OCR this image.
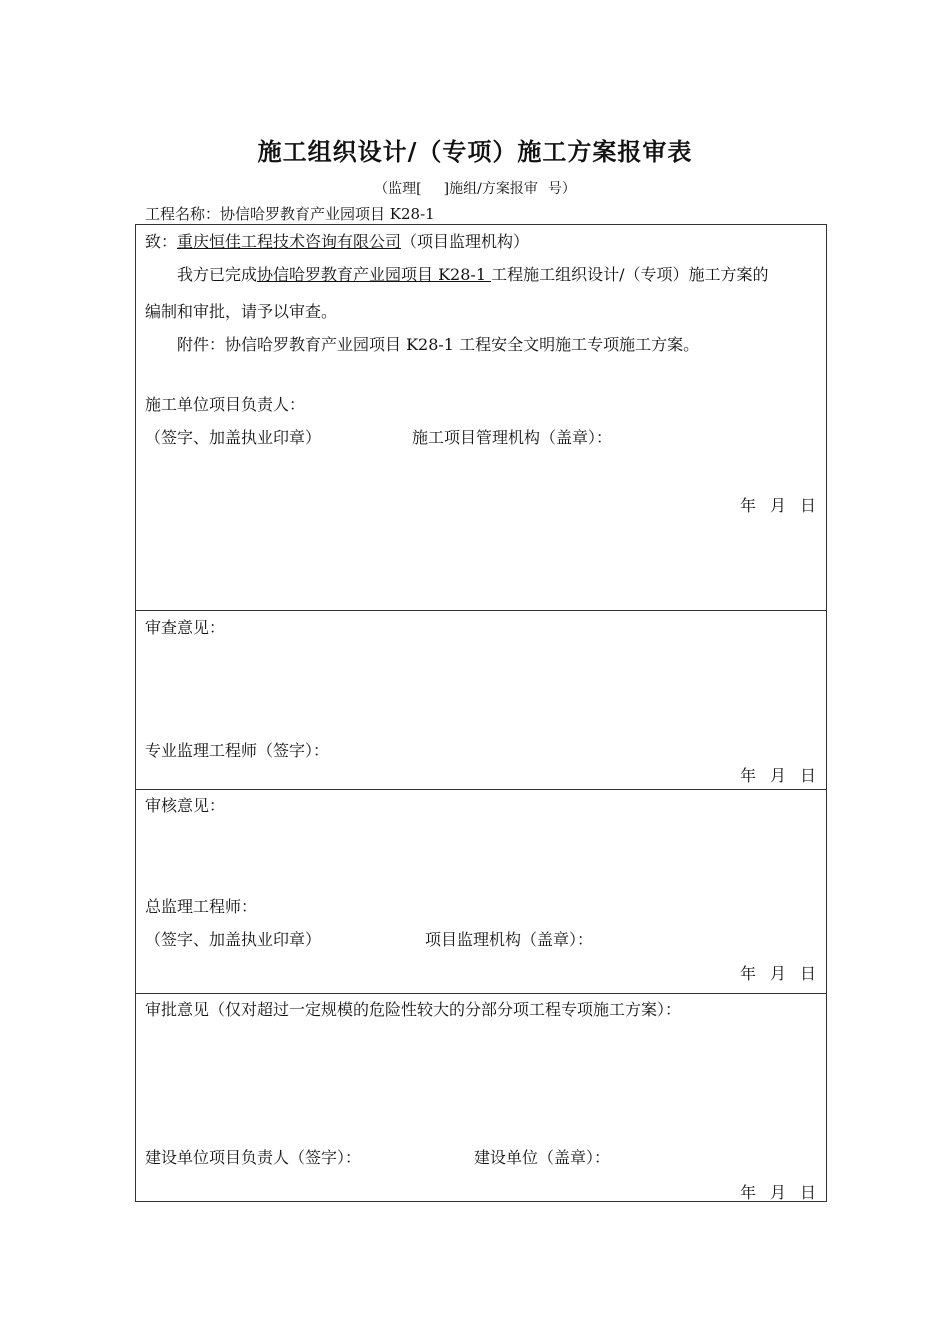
施工组织设计/（专项）施工方案报审表
（监理[ ]施组/方案报审 号）
工程名称：协信哈罗教育产业园项目 K28-1
致：重庆恒佳工程技术咨询有限公司（项目监理机构）
我方已完成协信哈罗教育产业园项目 K28-1 工程施工组织设计/（专项）施工方案的
编制和审批，请予以审查。
附件：协信哈罗教育产业园项目 K28-1 工程安全文明施工专项施工方案。
施工单位项目负责人：
（签字、加盖执业印章）	施工项目管理机构（盖章）：
年 月 日
审查意见：
专业监理工程师（签字）：
年 月 日
审核意见：
总监理工程师：
（签字、加盖执业印章）	项目监理机构（盖章）：
年 月 日
审批意见（仅对超过一定规模的危险性较大的分部分项工程专项施工方案）：
建设单位项目负责人（签字）：	建设单位（盖章）：
年 月 日
